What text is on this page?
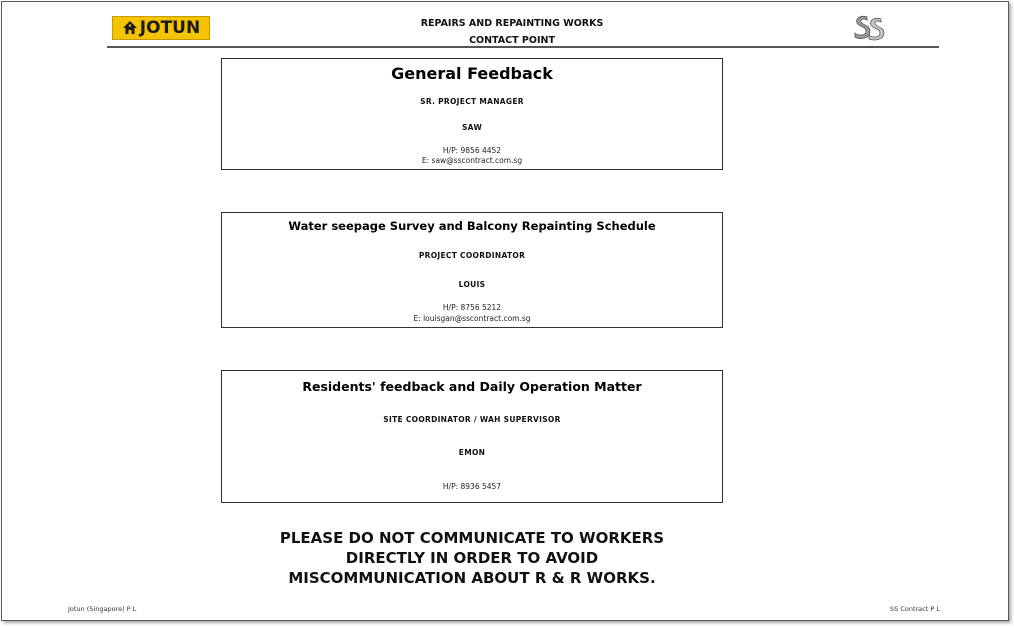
JOTUN	REPAIRS AND REPAINTING WORKS
CONTACT POINT
General Feedback
SR. PROJECT MANAGER
SAW
H/P: 9856 4452
E: saw@sscontract.com.sg
Water seepage Survey and Balcony Repainting Schedule
PROJECT COORDINATOR
LOUIS
H/P: 8756 5212
E: louisgan@sscontract.com.sg
Residents' feedback and Daily Operation Matter
SITE COORDINATOR / WAH SUPERVISOR
EMON
H/P: 8936 5457
PLEASE DO NOT COMMUNICATE TO WORKERS
DIRECTLY IN ORDER TO AVOID
MISCOMMUNICATION ABOUT R & R WORKS.
Jotun (Singapore) P L	SS Contract P L
